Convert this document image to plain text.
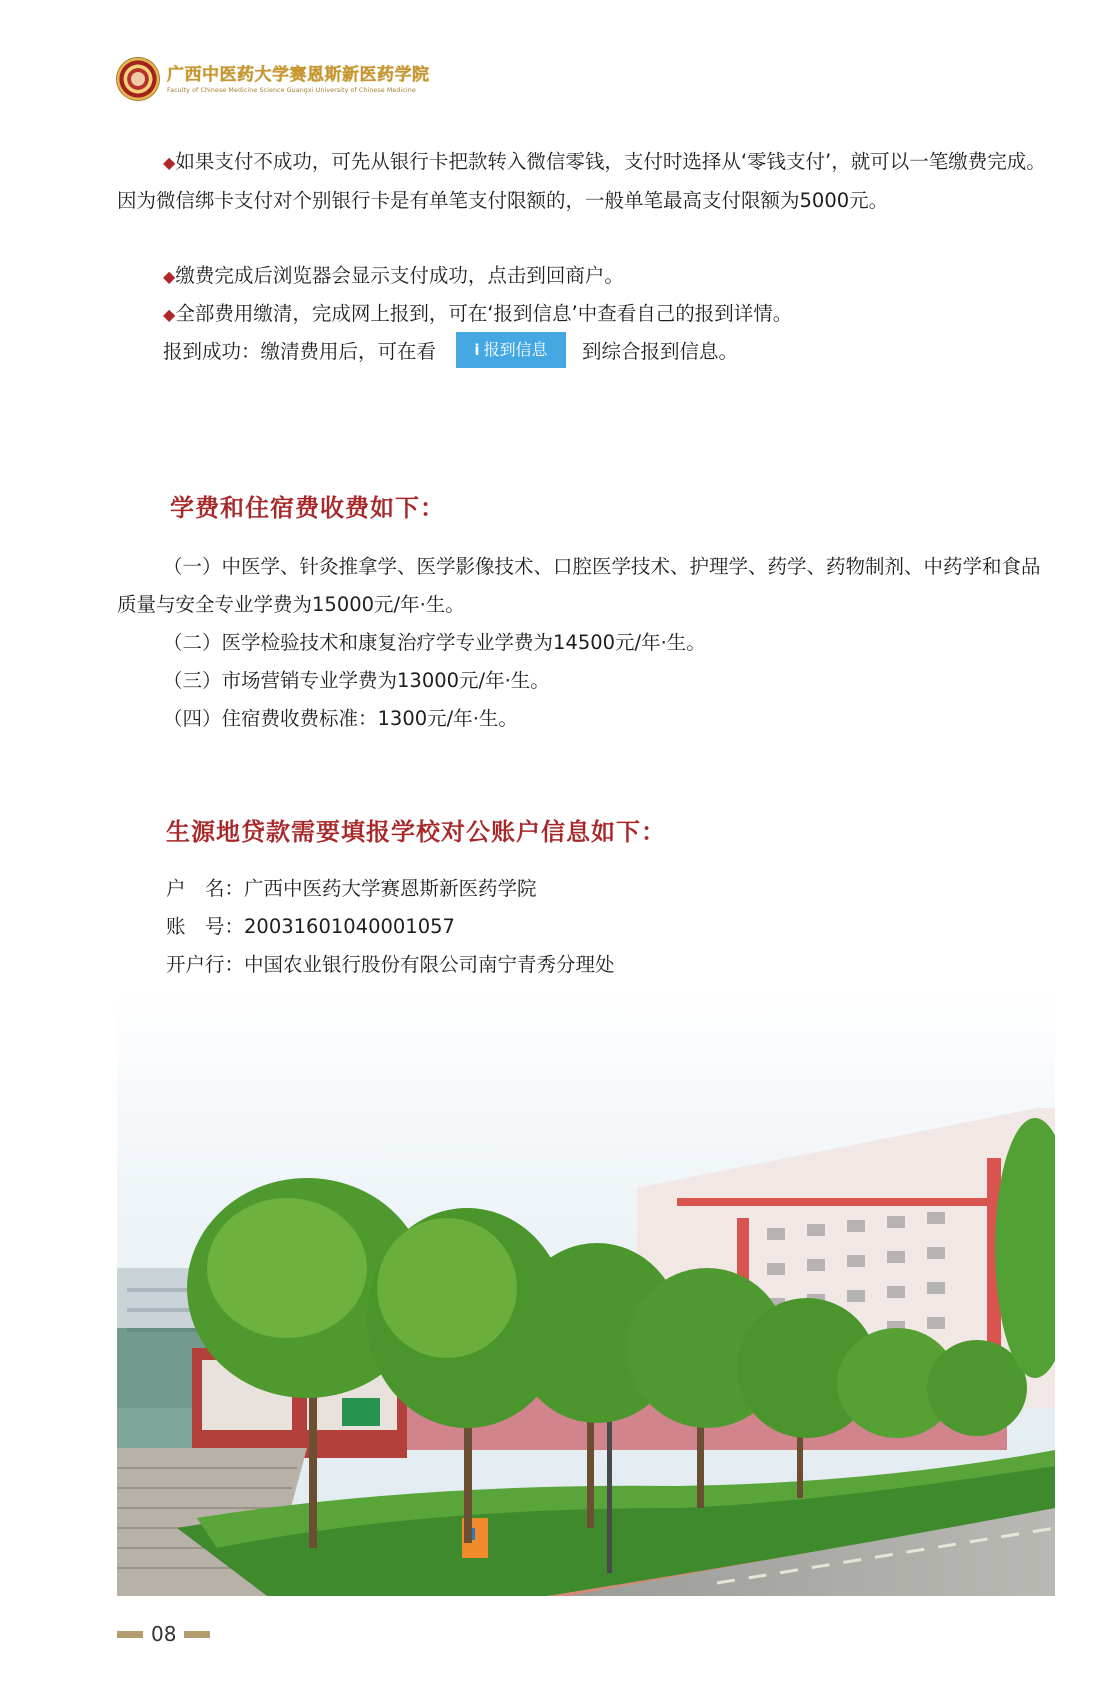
广西中医药大学赛恩斯新医药学院
Faculty of Chinese Medicine Science Guangxi University of Chinese Medicine

◆如果支付不成功，可先从银行卡把款转入微信零钱，支付时选择从‘零钱支付’，就可以一笔缴费完成。因为微信绑卡支付对个别银行卡是有单笔支付限额的，一般单笔最高支付限额为5000元。

◆缴费完成后浏览器会显示支付成功，点击到回商户。

◆全部费用缴清，完成网上报到，可在‘报到信息’中查看自己的报到详情。

报到成功：缴清费用后，可在看	i 报到信息 到综合报到信息。

学费和住宿费收费如下：

（一）中医学、针灸推拿学、医学影像技术、口腔医学技术、护理学、药学、药物制剂、中药学和食品质量与安全专业学费为15000元/年·生。

（二）医学检验技术和康复治疗学专业学费为14500元/年·生。

（三）市场营销专业学费为13000元/年·生。

（四）住宿费收费标准：1300元/年·生。

生源地贷款需要填报学校对公账户信息如下：

户　名：广西中医药大学赛恩斯新医药学院

账　号：20031601040001057

开户行：中国农业银行股份有限公司南宁青秀分理处

08
